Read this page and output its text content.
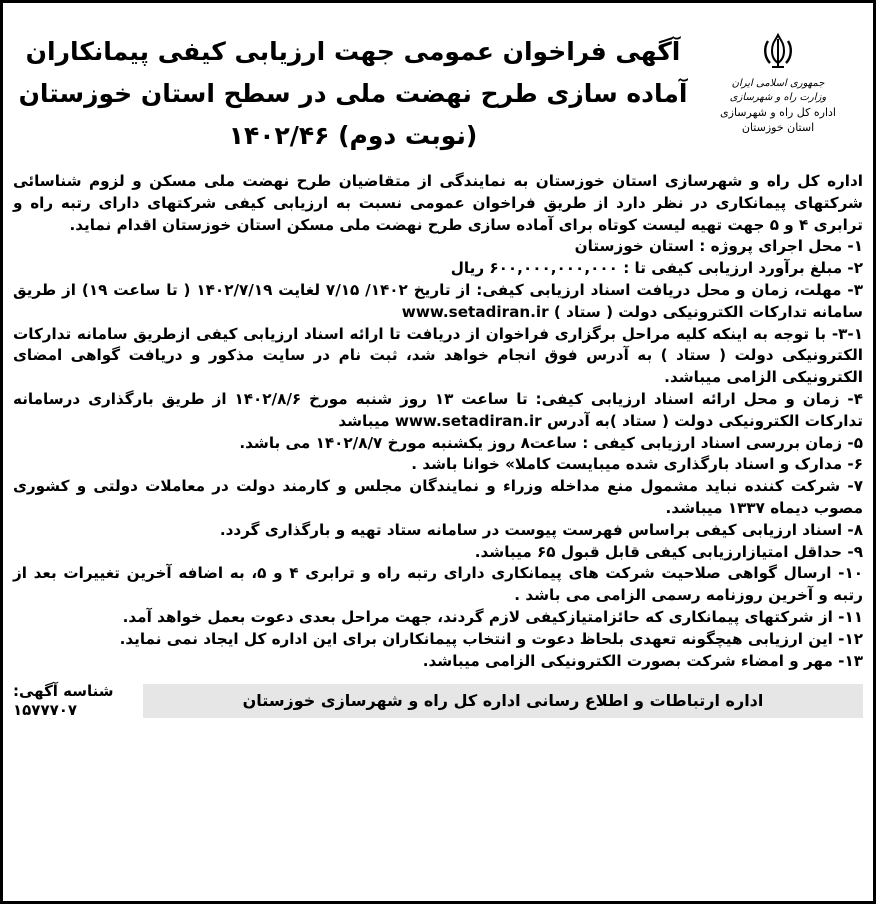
جمهوری اسلامی ایران
وزارت راه و شهرسازی
اداره کل راه و شهرسازی
استان خوزستان
آگهی فراخوان عمومی جهت ارزیابی کیفی پیمانکاران
آماده سازی طرح نهضت ملی در سطح استان خوزستان
(نوبت دوم) ۱۴۰۲/۴۶

اداره کل راه و شهرسازی استان خوزستان به نمایندگی از متقاضیان طرح نهضت ملی مسکن و لزوم شناسائی شرکتهای پیمانکاری در نظر دارد از طریق فراخوان عمومی نسبت به ارزیابی کیفی شرکتهای دارای رتبه راه و ترابری ۴ و ۵ جهت تهیه لیست کوتاه برای آماده سازی طرح نهضت ملی مسکن استان خوزستان اقدام نماید.

۱- محل اجرای پروژه : استان خوزستان

۲- مبلغ برآورد ارزیابی کیفی تا : ۶۰۰,۰۰۰,۰۰۰,۰۰۰ ریال

۳- مهلت، زمان و محل دریافت اسناد ارزیابی کیفی: از تاریخ ۱۴۰۲/ ۷/۱۵ لغایت ۱۴۰۲/۷/۱۹ ( تا ساعت ۱۹) از طریق سامانه تدارکات الکترونیکی دولت ( ستاد ) www.setadiran.ir

۳-۱- با توجه به اینکه کلیه مراحل برگزاری فراخوان از دریافت تا ارائه اسناد ارزیابی کیفی ازطریق سامانه تدارکات الکترونیکی دولت ( ستاد ) به آدرس فوق انجام خواهد شد، ثبت نام در سایت مذکور و دریافت گواهی امضای الکترونیکی الزامی میباشد.

۴- زمان و محل ارائه اسناد ارزیابی کیفی: تا ساعت ۱۳ روز شنبه مورخ ۱۴۰۲/۸/۶ از طریق بارگذاری درسامانه تدارکات الکترونیکی دولت ( ستاد )به آدرس www.setadiran.ir میباشد

۵- زمان بررسی اسناد ارزیابی کیفی : ساعت۸ روز یکشنبه مورخ ۱۴۰۲/۸/۷ می باشد.

۶- مدارک و اسناد بارگذاری شده میبایست کاملا» خوانا باشد .

۷- شرکت کننده نباید مشمول منع مداخله وزراء و نمایندگان مجلس و کارمند دولت در معاملات دولتی و کشوری مصوب دیماه ۱۳۳۷ میباشد.

۸- اسناد ارزیابی کیفی براساس فهرست پیوست در سامانه ستاد تهیه و بارگذاری گردد.

۹- حداقل امتیازارزیابی کیفی قابل قبول ۶۵ میباشد.

۱۰- ارسال گواهی صلاحیت شرکت های پیمانکاری دارای رتبه راه و ترابری ۴ و ۵، به اضافه آخرین تغییرات بعد از رتبه و آخرین روزنامه رسمی الزامی می باشد .

۱۱- از شرکتهای پیمانکاری که حائزامتیازکیفی لازم گردند، جهت مراحل بعدی دعوت بعمل خواهد آمد.

۱۲- این ارزیابی هیچگونه تعهدی بلحاظ دعوت و انتخاب پیمانکاران برای این اداره کل ایجاد نمی نماید.

۱۳- مهر و امضاء شرکت بصورت الکترونیکی الزامی میباشد.

اداره ارتباطات و اطلاع رسانی اداره کل راه و شهرسازی خوزستان
شناسه آگهی:
۱۵۷۷۷۰۷
